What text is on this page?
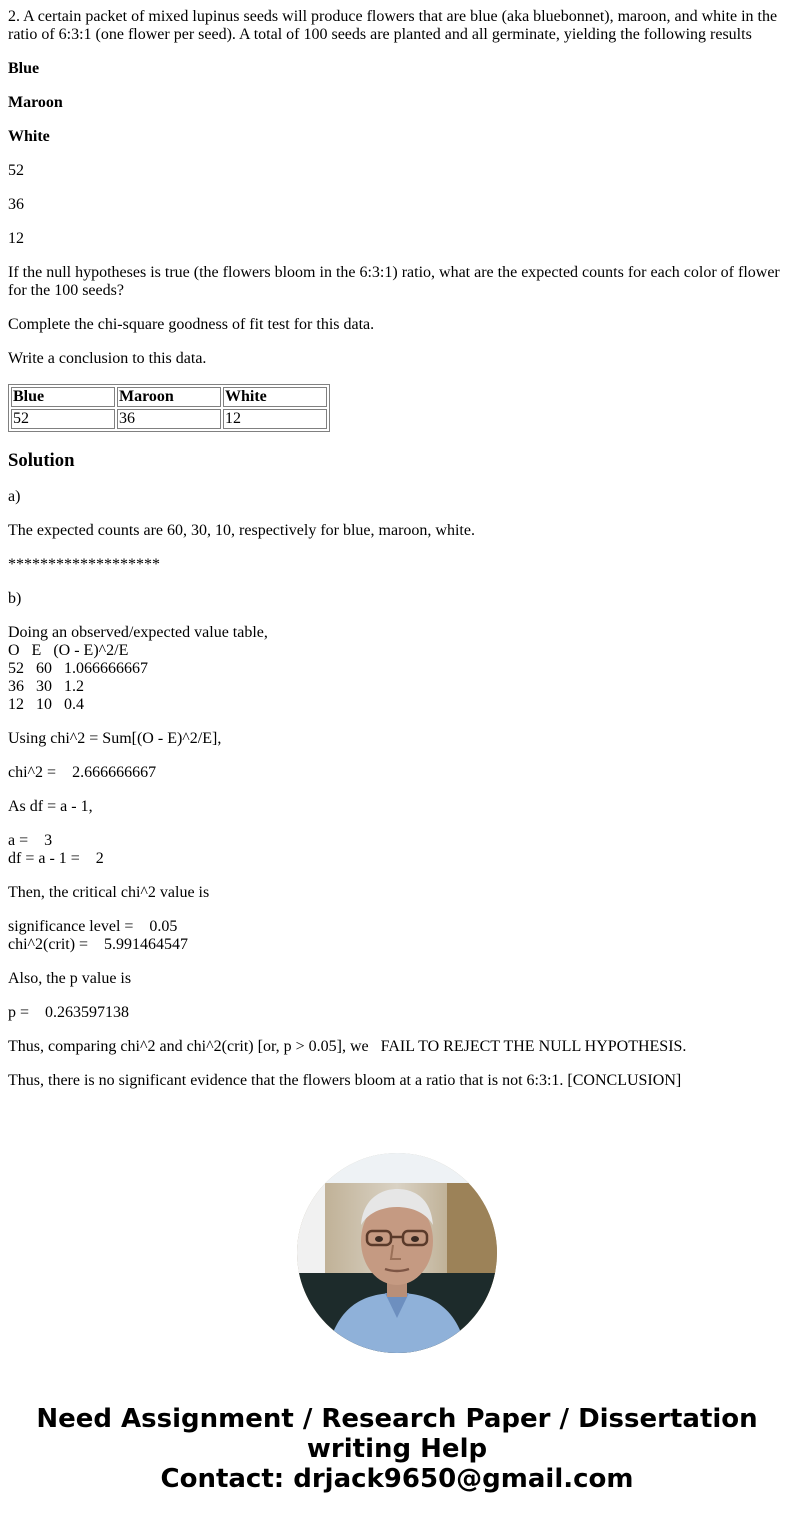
2. A certain packet of mixed lupinus seeds will produce flowers that are blue (aka bluebonnet), maroon, and white in the ratio of 6:3:1 (one flower per seed). A total of 100 seeds are planted and all germinate, yielding the following results

Blue

Maroon

White

52

36

12

If the null hypotheses is true (the flowers bloom in the 6:3:1) ratio, what are the expected counts for each color of flower for the 100 seeds?

Complete the chi-square goodness of fit test for this data.

Write a conclusion to this data.

Blue	Maroon	White
52	36	12
Solution

a)

The expected counts are 60, 30, 10, respectively for blue, maroon, white.

*******************

b)

Doing an observed/expected value table,
O   E   (O - E)^2/E
52   60   1.066666667
36   30   1.2
12   10   0.4

Using chi^2 = Sum[(O - E)^2/E],

chi^2 =    2.666666667

As df = a - 1,

a =    3
df = a - 1 =    2

Then, the critical chi^2 value is

significance level =    0.05
chi^2(crit) =    5.991464547

Also, the p value is

p =    0.263597138

Thus, comparing chi^2 and chi^2(crit) [or, p > 0.05], we   FAIL TO REJECT THE NULL HYPOTHESIS.

Thus, there is no significant evidence that the flowers bloom at a ratio that is not 6:3:1. [CONCLUSION]

Need Assignment / Research Paper / Dissertation
writing Help
Contact: drjack9650@gmail.com
